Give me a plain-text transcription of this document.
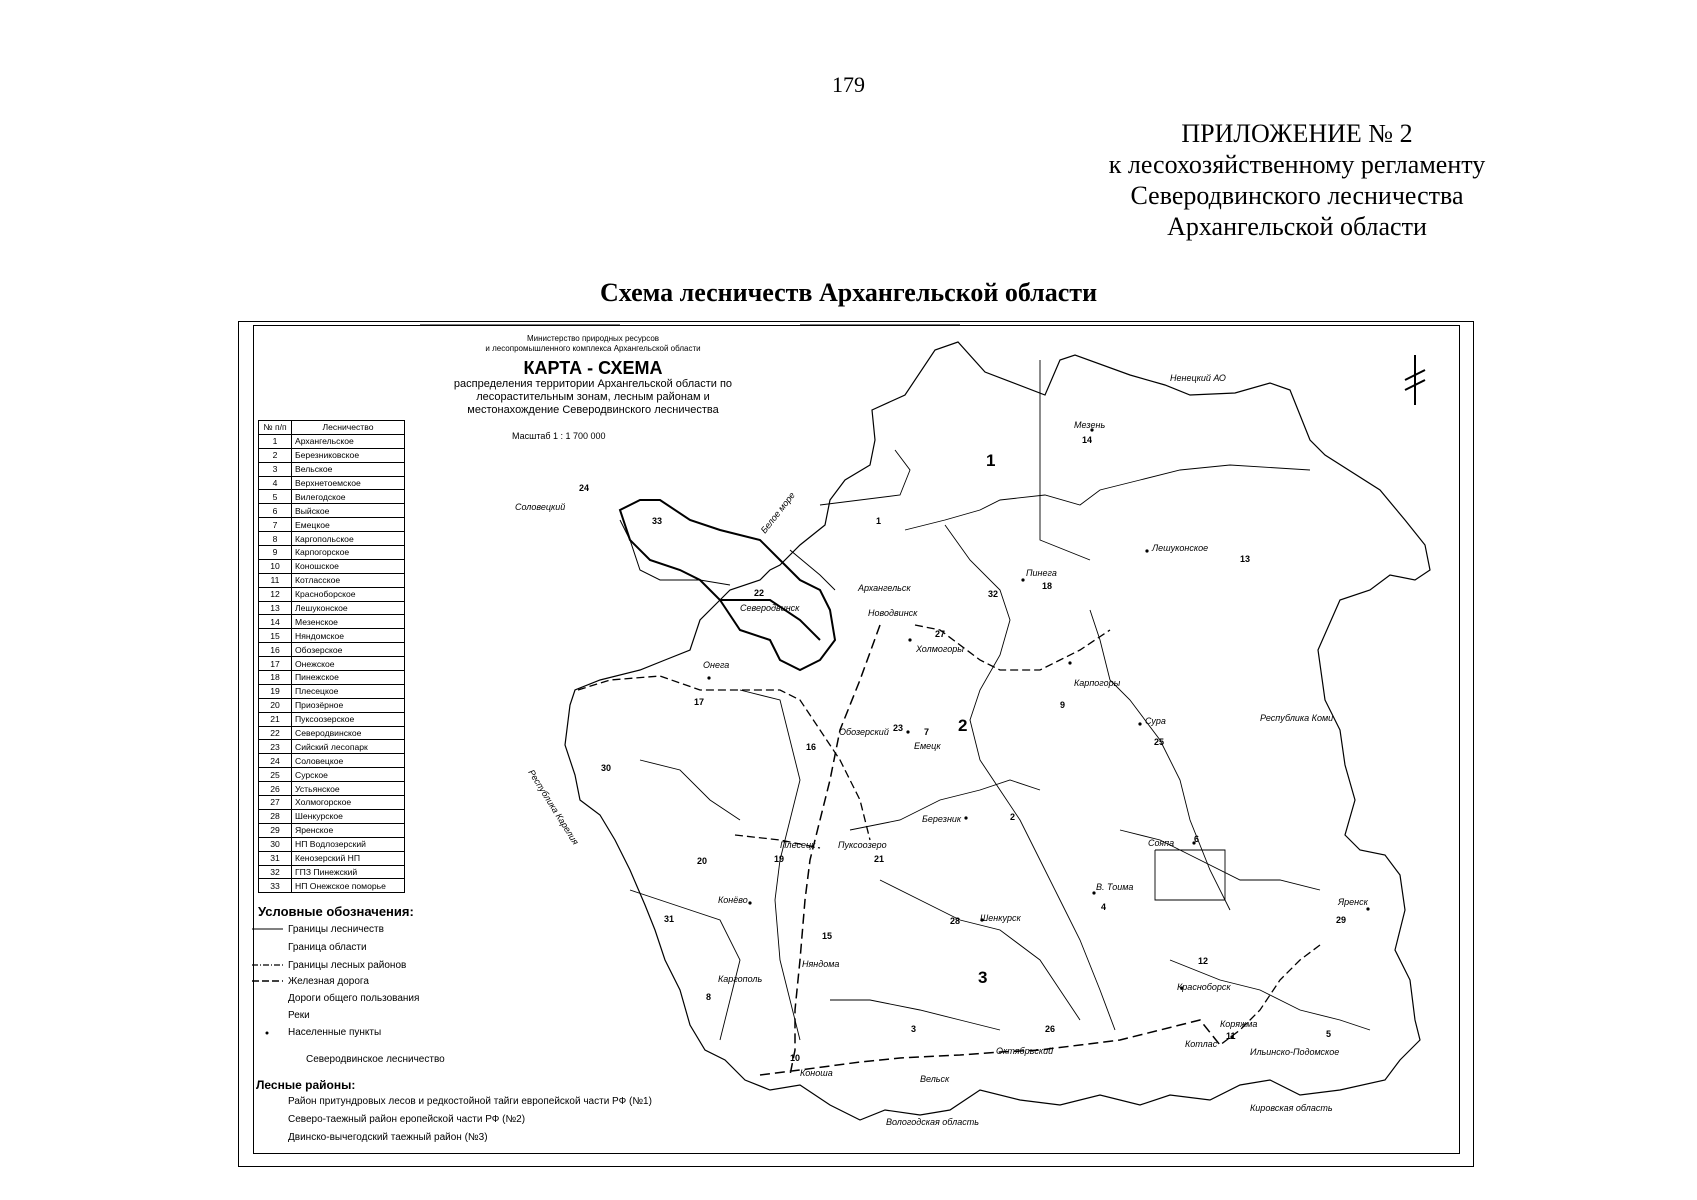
179
ПРИЛОЖЕНИЕ № 2
к лесохозяйственному регламенту
Северодвинского лесничества
Архангельской области
Схема лесничеств Архангельской области
Ненецкий АО
Республика Коми
Вологодская область
Кировская область
Республика Карелия
Белое море
Мезень
Соловецкий
Лешуконское
Пинега
Архангельск
Северодвинск	Новодвинск
Холмогоры
Онега
Карпогоры
Сура
Обозерский
Емецк
Березник
Сояпа
Плесецк	Пуксоозеро
В. Тоима
Конёво
Шенкурск
Яренск
Няндома
Каргополь
Красноборск
Коряжма
Котлас
Вельск
Октябрьский	Ильинско-Подомское
Коноша
1
2
3
1
2
3
4
5
6
7
8
9
10
11
12
13
14
15
16
17
18
19
20	21
22
23
24
25
26
27
28	29
30
31
32
33
Министерство природных ресурсов
и лесопромышленного комплекса Архангельской области
КАРТА - СХЕМА
распределения территории Архангельской области по
лесорастительным зонам, лесным районам и
местонахождение Северодвинского лесничества
Масштаб 1 : 1 700 000
№ п/п	Лесничество
1	Архангельское
2	Березниковское
3	Вельское
4	Верхнетоемское
5	Вилегодское
6	Выйское
7	Емецкое
8	Каргопольское
9	Карпогорское
10	Коношское
11	Котласское
12	Красноборское
13	Лешуконское
14	Мезенское
15	Няндомское
16	Обозерское
17	Онежское
18	Пинежское
19	Плесецкое
20	Приозёрное
21	Пуксоозерское
22	Северодвинское
23	Сийский лесопарк
24	Соловецкое
25	Сурское
26	Устьянское
27	Холмогорское
28	Шенкурское
29	Яренское
30	НП Водлозерский
31	Кенозерский НП
32	ГПЗ Пинежский
33	НП Онежское поморье
Условные обозначения:
Границы лесничеств
Граница области
Границы лесных районов
Железная дорога
Дороги общего пользования
Реки
Населенные пункты
Северодвинское лесничество
Лесные районы:
Район притундровых лесов и редкостойной тайги европейской части РФ (№1)
Северо-таежный район еропейской части РФ (№2)
Двинско-вычегодский таежный район (№3)
